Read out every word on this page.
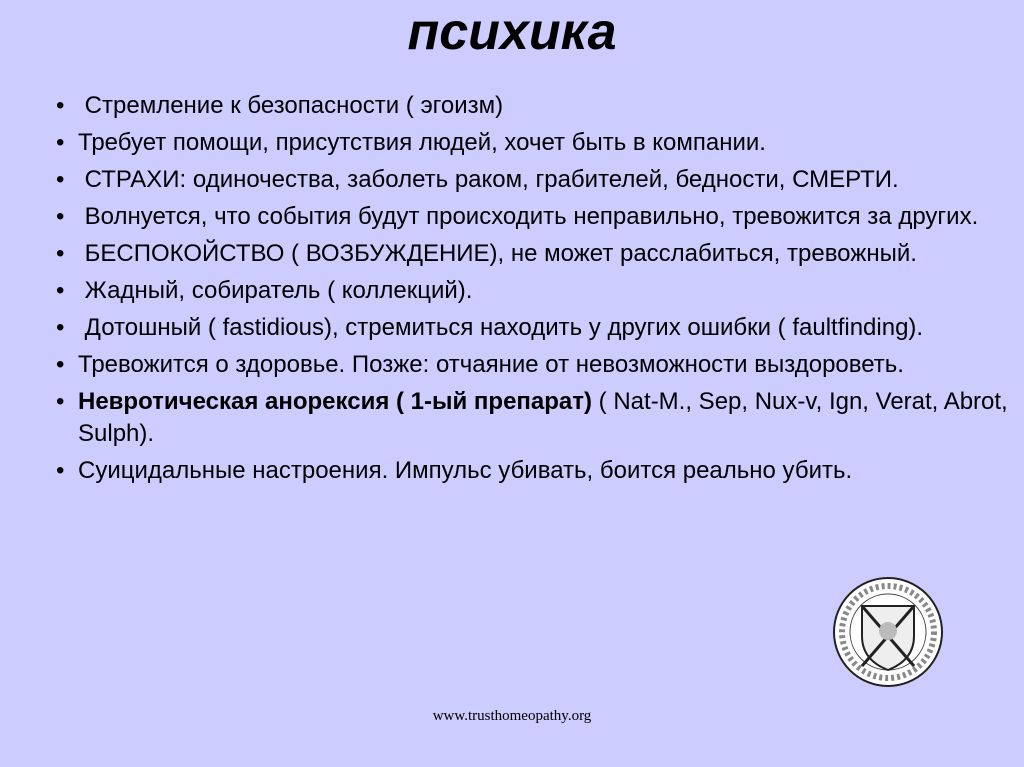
психика
• Стремление к безопасности ( эгоизм)
• Требует помощи, присутствия людей, хочет быть в компании.
• СТРАХИ: одиночества, заболеть раком, грабителей, бедности, СМЕРТИ.
• Волнуется, что события будут происходить неправильно, тревожится за других.
• БЕСПОКОЙСТВО ( ВОЗБУЖДЕНИЕ), не может расслабиться, тревожный.
• Жадный, собиратель ( коллекций).
• Дотошный ( fastidious), стремиться находить у других ошибки ( faultfinding).
• Тревожится о здоровье. Позже: отчаяние от невозможности выздороветь.
• Невротическая анорексия ( 1-ый препарат) ( Nat-M., Sep, Nux-v, Ign, Verat, Abrot, Sulph).
• Суицидальные настроения. Импульс убивать, боится реально убить.
www.trusthomeopathy.org
